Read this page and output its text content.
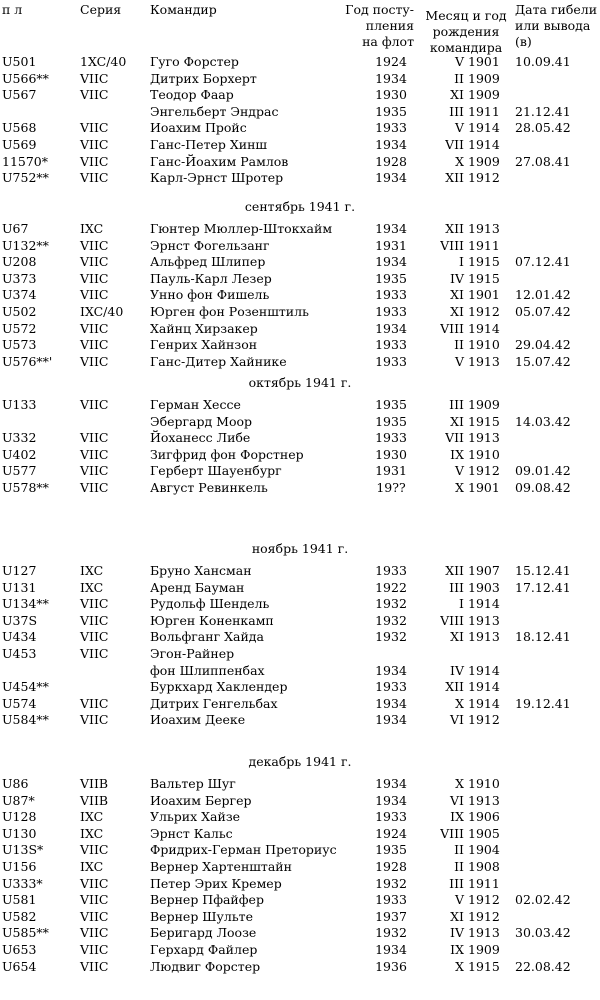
п л	Серия Командир	Год посту-
пления
на флот
Месяц и год
рождения
командира
Дата гибели
или вывода
(в)
U501	1XC/40 Гуго Форстер	1924	V 1901 10.09.41
U566** VIIC	Дитрих Борхерт	1934	II 1909
U567	VIIC	Теодор Фаар	1930	XI 1909
Энгельберт Эндрас	1935	III 1911 21.12.41
U568	VIIC	Иоахим Пройс	1933	V 1914 28.05.42
U569	VIIC	Ганс-Петер Хинш	1934	VII 1914
11570*	VIIC	Ганс-Йоахим Рамлов	1928	X 1909 27.08.41
U752** VIIC	Карл-Эрнст Шротер	1934	XII 1912
сентябрь 1941 г.
U67	IXC	Гюнтер Мюллер-Штокхайм	1934	XII 1913
U132** VIIC	Эрнст Фогельзанг	1931	VIII 1911
U208	VIIC	Альфред Шлипер	1934	I 1915 07.12.41
U373	VIIC	Пауль-Карл Лезер	1935	IV 1915
U374	VIIC	Унно фон Фишель	1933	XI 1901 12.01.42
U502	IXC/40 Юрген фон Розенштиль	1933	XI 1912 05.07.42
U572	VIIC	Хайнц Хирзакер	1934	VIII 1914
U573	VIIC	Генрих Хайнзон	1933	II 1910 29.04.42
U576**' VIIC	Ганс-Дитер Хайнике	1933	V 1913 15.07.42
октябрь 1941 г.
U133	VIIC	Герман Хессе	1935	III 1909
Эбергард Моор	1935	XI 1915 14.03.42
U332	VIIC	Йоханесс Либе	1933	VII 1913
U402	VIIC	Зигфрид фон Форстнер	1930	IX 1910
U577	VIIC	Герберт Шауенбург	1931	V 1912 09.01.42
U578** VIIC	Август Ревинкель	19??	X 1901 09.08.42
ноябрь 1941 г.
U127	IXC	Бруно Хансман	1933	XII 1907 15.12.41
U131	IXC	Аренд Бауман	1922	III 1903 17.12.41
U134** VIIC	Рудольф Шендель	1932	I 1914
U37S	VIIC	Юрген Коненкамп	1932	VIII 1913
U434	VIIC	Вольфганг Хайда	1932	XI 1913 18.12.41
U453	VIIC	Эгон-Райнер
фон Шлиппенбах	1934	IV 1914
U454**	Буркхард Хаклендер	1933	XII 1914
U574	VIIC	Дитрих Генгельбах	1934	X 1914 19.12.41
U584** VIIC	Иоахим Дееке	1934	VI 1912
декабрь 1941 г.
U86	VIIB	Вальтер Шуг	1934	X 1910
U87*	VIIB	Иоахим Бергер	1934	VI 1913
U128	IXC	Ульрих Хайзе	1933	IX 1906
U130	IXC	Эрнст Кальс	1924	VIII 1905
U13S*	VIIC	Фридрих-Герман Преториус	1935	II 1904
U156	IXC	Вернер Хартенштайн	1928	II 1908
U333*	VIIC	Петер Эрих Кремер	1932	III 1911
U581	VIIC	Вернер Пфайфер	1933	V 1912 02.02.42
U582	VIIC	Вернер Шульте	1937	XI 1912
U585** VIIC	Беригард Лоозе	1932	IV 1913 30.03.42
U653	VIIC	Герхард Файлер	1934	IX 1909
U654	VIIC	Людвиг Форстер	1936	X 1915 22.08.42
